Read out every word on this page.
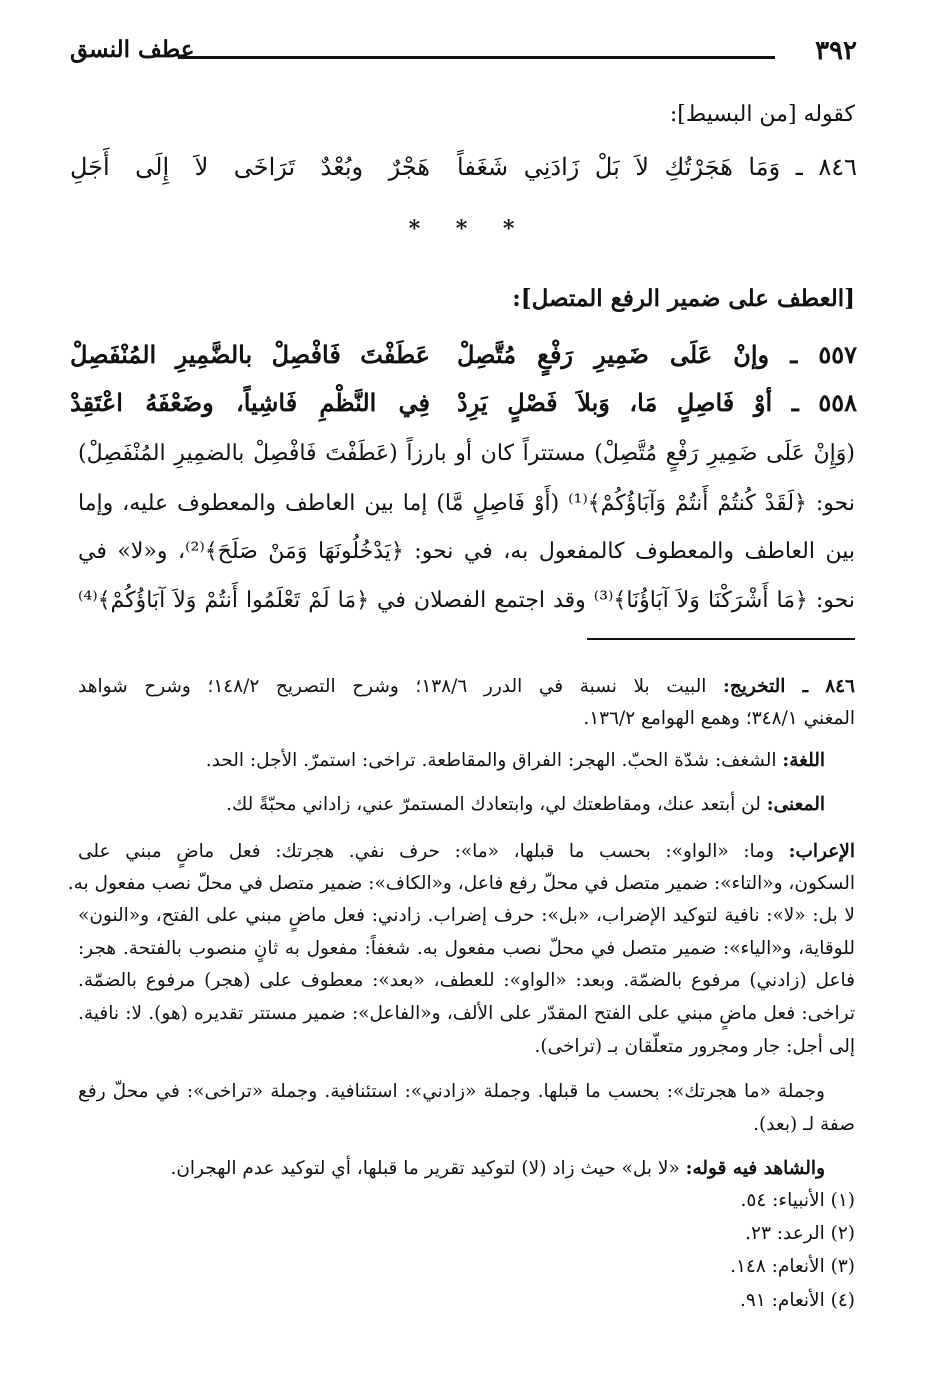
٣٩٢
عطف النسق
كقوله [من البسيط]:
٨٤٦ ـ وَمَا هَجَرْتُكِ لاَ بَلْ زَادَنِي شَغَفاً
هَجْرٌ وبُعْدٌ تَرَاخَى لاَ إِلَى أَجَلِ
* * *
[العطف على ضمير الرفع المتصل]:
٥٥٧ ـ وإنْ عَلَى ضَمِيرِ رَفْعٍ مُتَّصِلْ
عَطَفْتَ فَافْصِلْ بالضَّمِيرِ المُنْفَصِلْ
٥٥٨ ـ أوْ فَاصِلٍ مَا، وَبلاَ فَصْلٍ يَرِدْ
فِي النَّظْمِ فَاشِياً، وضَعْفَهُ اعْتَقِدْ
(وَإِنْ عَلَى ضَمِيرِ رَفْعٍ مُتَّصِلْ) مستتراً كان أو بارزاً (عَطَفْتَ فَافْصِلْ بالضمِيرِ المُنْفَصِلْ)
نحو: ﴿لَقَدْ كُنتُمْ أَنتُمْ وَآبَاؤُكُمْ﴾⁽¹⁾ (أَوْ فَاصِلٍ مَّا) إما بين العاطف والمعطوف عليه، وإما
بين العاطف والمعطوف كالمفعول به، في نحو: ﴿يَدْخُلُونَهَا وَمَنْ صَلَحَ﴾⁽²⁾، و«لا» في
نحو: ﴿مَا أَشْرَكْنَا وَلاَ آبَاؤُنَا﴾⁽³⁾ وقد اجتمع الفصلان في ﴿مَا لَمْ تَعْلَمُوا أَنتُمْ وَلاَ آبَاؤُكُمْ﴾⁽⁴⁾
٨٤٦ ـ التخريج: البيت بلا نسبة في الدرر ١٣٨/٦؛ وشرح التصريح ١٤٨/٢؛ وشرح شواهد
المغني ٣٤٨/١؛ وهمع الهوامع ١٣٦/٢.
اللغة: الشغف: شدّة الحبّ. الهجر: الفراق والمقاطعة. تراخى: استمرّ. الأجل: الحد.
المعنى: لن أبتعد عنك، ومقاطعتك لي، وابتعادك المستمرّ عني، زاداني محبّةً لك.
الإعراب: وما: «الواو»: بحسب ما قبلها، «ما»: حرف نفي. هجرتك: فعل ماضٍ مبني على
السكون، و«التاء»: ضمير متصل في محلّ رفع فاعل، و«الكاف»: ضمير متصل في محلّ نصب مفعول به.
لا بل: «لا»: نافية لتوكيد الإضراب، «بل»: حرف إضراب. زادني: فعل ماضٍ مبني على الفتح، و«النون»
للوقاية، و«الياء»: ضمير متصل في محلّ نصب مفعول به. شغفاً: مفعول به ثانٍ منصوب بالفتحة. هجر:
فاعل (زادني) مرفوع بالضمّة. وبعد: «الواو»: للعطف، «بعد»: معطوف على (هجر) مرفوع بالضمّة.
تراخى: فعل ماضٍ مبني على الفتح المقدّر على الألف، و«الفاعل»: ضمير مستتر تقديره (هو). لا: نافية.
إلى أجل: جار ومجرور متعلّقان بـ (تراخى).
وجملة «ما هجرتك»: بحسب ما قبلها. وجملة «زادني»: استئنافية. وجملة «تراخى»: في محلّ رفع
صفة لـ (بعد).
والشاهد فيه قوله: «لا بل» حيث زاد (لا) لتوكيد تقرير ما قبلها، أي لتوكيد عدم الهجران.
(١) الأنبياء: ٥٤.
(٢) الرعد: ٢٣.
(٣) الأنعام: ١٤٨.
(٤) الأنعام: ٩١.
